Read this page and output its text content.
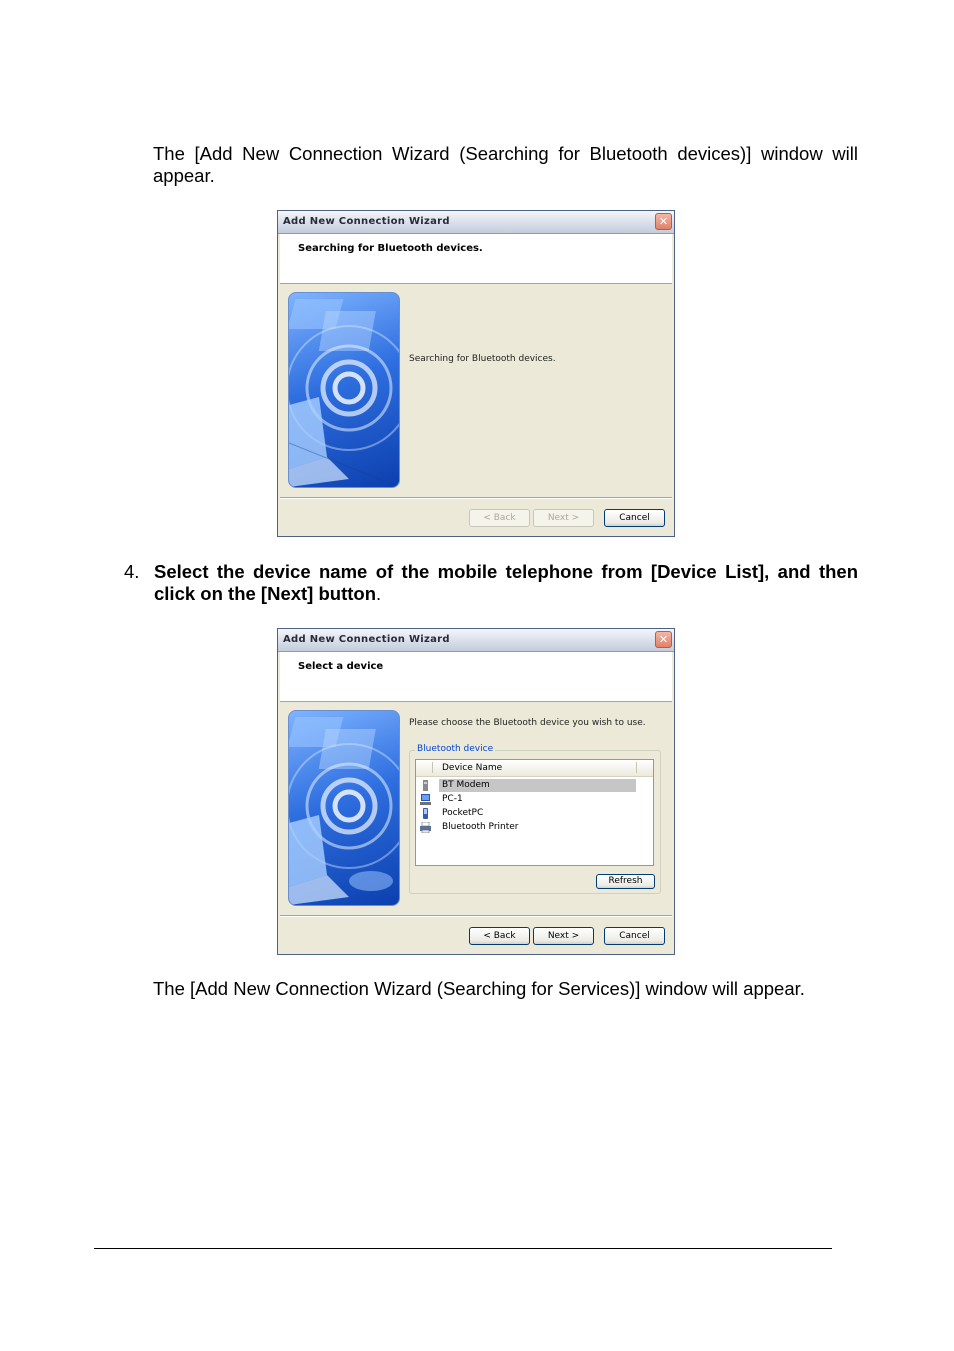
The [Add New Connection Wizard (Searching for Bluetooth devices)] window will appear.

Add New Connection Wizard	✕
Searching for Bluetooth devices.
Searching for Bluetooth devices.
< Back	Next >	Cancel
4. Select the device name of the mobile telephone from [Device List], and then click on the [Next] button.
Add New Connection Wizard	✕
Select a device
Please choose the Bluetooth device you wish to use.
Bluetooth device
Device Name
BT Modem
PC-1
PocketPC
Bluetooth Printer
Refresh
< Back	Next >	Cancel

The [Add New Connection Wizard (Searching for Services)] window will appear.
